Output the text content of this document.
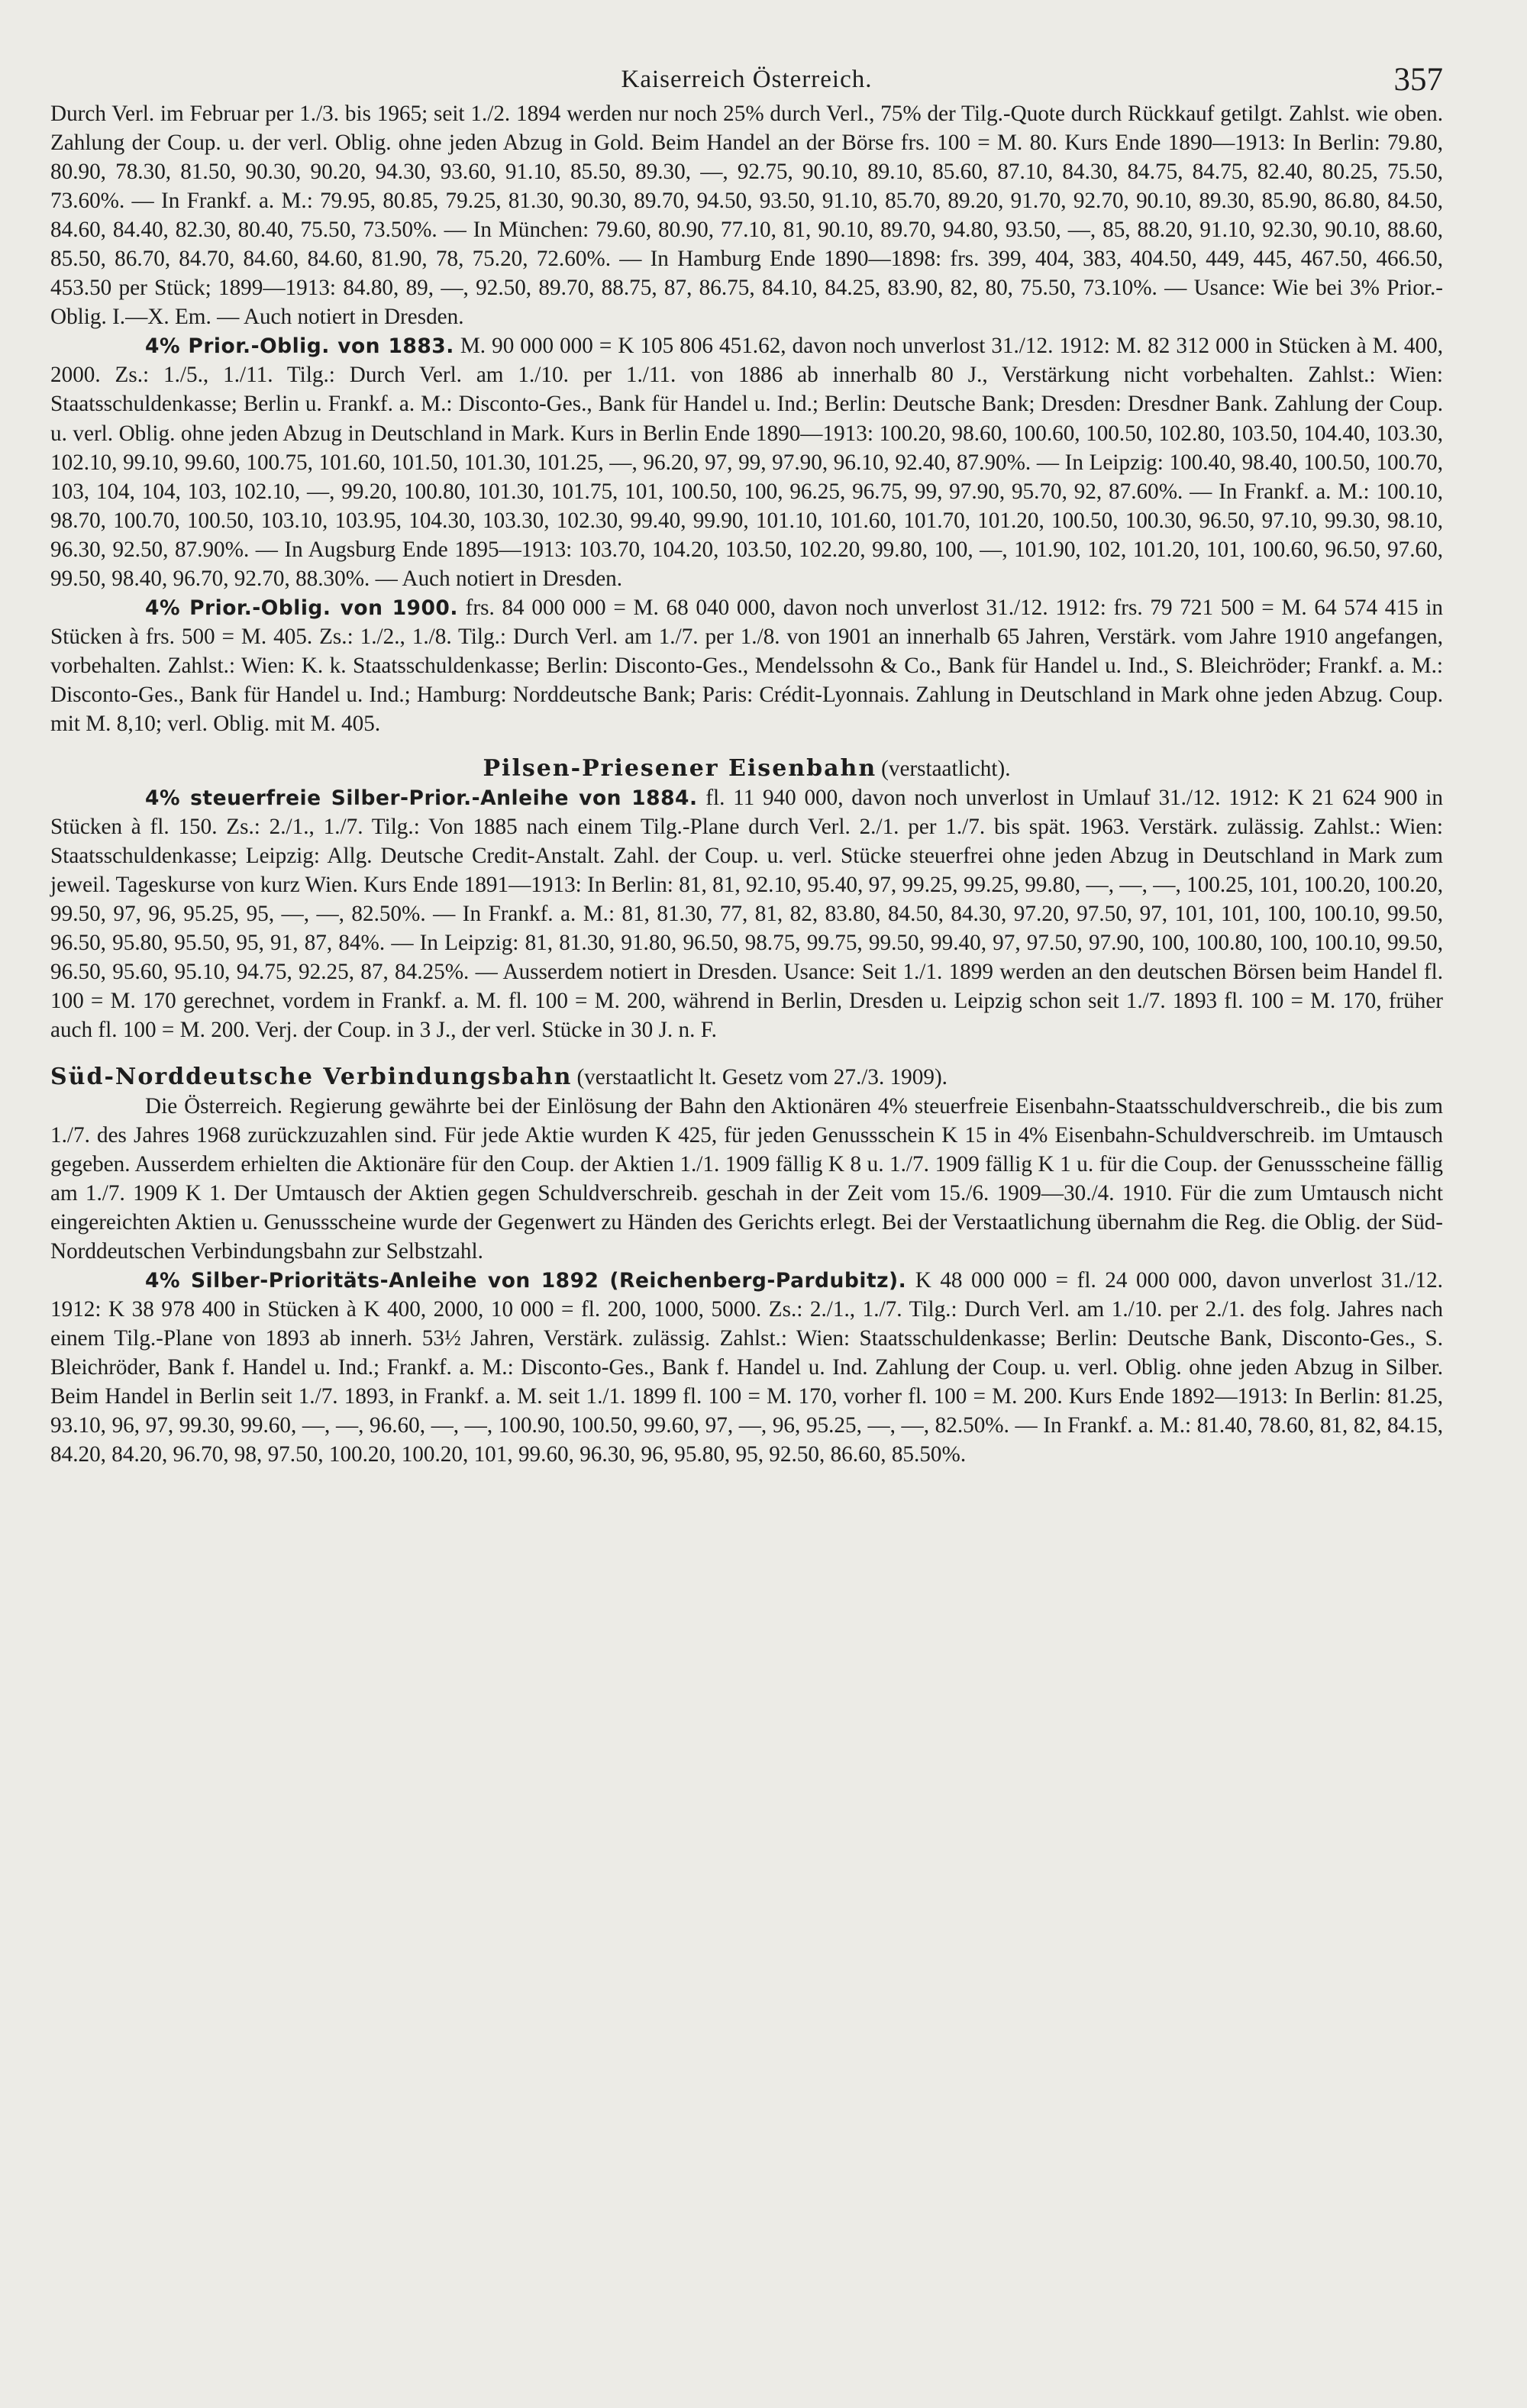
Kaiserreich Österreich.	357

Durch Verl. im Februar per 1./3. bis 1965; seit 1./2. 1894 werden nur noch 25% durch Verl., 75% der Tilg.-Quote durch Rückkauf getilgt. Zahlst. wie oben. Zahlung der Coup. u. der verl. Oblig. ohne jeden Abzug in Gold. Beim Handel an der Börse frs. 100 = M. 80. Kurs Ende 1890—1913: In Berlin: 79.80, 80.90, 78.30, 81.50, 90.30, 90.20, 94.30, 93.60, 91.10, 85.50, 89.30, —, 92.75, 90.10, 89.10, 85.60, 87.10, 84.30, 84.75, 84.75, 82.40, 80.25, 75.50, 73.60%. — In Frankf. a. M.: 79.95, 80.85, 79.25, 81.30, 90.30, 89.70, 94.50, 93.50, 91.10, 85.70, 89.20, 91.70, 92.70, 90.10, 89.30, 85.90, 86.80, 84.50, 84.60, 84.40, 82.30, 80.40, 75.50, 73.50%. — In München: 79.60, 80.90, 77.10, 81, 90.10, 89.70, 94.80, 93.50, —, 85, 88.20, 91.10, 92.30, 90.10, 88.60, 85.50, 86.70, 84.70, 84.60, 84.60, 81.90, 78, 75.20, 72.60%. — In Hamburg Ende 1890—1898: frs. 399, 404, 383, 404.50, 449, 445, 467.50, 466.50, 453.50 per Stück; 1899—1913: 84.80, 89, —, 92.50, 89.70, 88.75, 87, 86.75, 84.10, 84.25, 83.90, 82, 80, 75.50, 73.10%. — Usance: Wie bei 3% Prior.-Oblig. I.—X. Em. — Auch notiert in Dresden.

4% Prior.-Oblig. von 1883. M. 90 000 000 = K 105 806 451.62, davon noch unverlost 31./12. 1912: M. 82 312 000 in Stücken à M. 400, 2000. Zs.: 1./5., 1./11. Tilg.: Durch Verl. am 1./10. per 1./11. von 1886 ab innerhalb 80 J., Verstärkung nicht vorbehalten. Zahlst.: Wien: Staatsschuldenkasse; Berlin u. Frankf. a. M.: Disconto-Ges., Bank für Handel u. Ind.; Berlin: Deutsche Bank; Dresden: Dresdner Bank. Zahlung der Coup. u. verl. Oblig. ohne jeden Abzug in Deutschland in Mark. Kurs in Berlin Ende 1890—1913: 100.20, 98.60, 100.60, 100.50, 102.80, 103.50, 104.40, 103.30, 102.10, 99.10, 99.60, 100.75, 101.60, 101.50, 101.30, 101.25, —, 96.20, 97, 99, 97.90, 96.10, 92.40, 87.90%. — In Leipzig: 100.40, 98.40, 100.50, 100.70, 103, 104, 104, 103, 102.10, —, 99.20, 100.80, 101.30, 101.75, 101, 100.50, 100, 96.25, 96.75, 99, 97.90, 95.70, 92, 87.60%. — In Frankf. a. M.: 100.10, 98.70, 100.70, 100.50, 103.10, 103.95, 104.30, 103.30, 102.30, 99.40, 99.90, 101.10, 101.60, 101.70, 101.20, 100.50, 100.30, 96.50, 97.10, 99.30, 98.10, 96.30, 92.50, 87.90%. — In Augsburg Ende 1895—1913: 103.70, 104.20, 103.50, 102.20, 99.80, 100, —, 101.90, 102, 101.20, 101, 100.60, 96.50, 97.60, 99.50, 98.40, 96.70, 92.70, 88.30%. — Auch notiert in Dresden.

4% Prior.-Oblig. von 1900. frs. 84 000 000 = M. 68 040 000, davon noch unverlost 31./12. 1912: frs. 79 721 500 = M. 64 574 415 in Stücken à frs. 500 = M. 405. Zs.: 1./2., 1./8. Tilg.: Durch Verl. am 1./7. per 1./8. von 1901 an innerhalb 65 Jahren, Verstärk. vom Jahre 1910 angefangen, vorbehalten. Zahlst.: Wien: K. k. Staatsschuldenkasse; Berlin: Disconto-Ges., Mendelssohn & Co., Bank für Handel u. Ind., S. Bleichröder; Frankf. a. M.: Disconto-Ges., Bank für Handel u. Ind.; Hamburg: Norddeutsche Bank; Paris: Crédit-Lyonnais. Zahlung in Deutschland in Mark ohne jeden Abzug. Coup. mit M. 8,10; verl. Oblig. mit M. 405.

Pilsen-Priesener Eisenbahn (verstaatlicht).

4% steuerfreie Silber-Prior.-Anleihe von 1884. fl. 11 940 000, davon noch unverlost in Umlauf 31./12. 1912: K 21 624 900 in Stücken à fl. 150. Zs.: 2./1., 1./7. Tilg.: Von 1885 nach einem Tilg.-Plane durch Verl. 2./1. per 1./7. bis spät. 1963. Verstärk. zulässig. Zahlst.: Wien: Staatsschuldenkasse; Leipzig: Allg. Deutsche Credit-Anstalt. Zahl. der Coup. u. verl. Stücke steuerfrei ohne jeden Abzug in Deutschland in Mark zum jeweil. Tageskurse von kurz Wien. Kurs Ende 1891—1913: In Berlin: 81, 81, 92.10, 95.40, 97, 99.25, 99.25, 99.80, —, —, —, 100.25, 101, 100.20, 100.20, 99.50, 97, 96, 95.25, 95, —, —, 82.50%. — In Frankf. a. M.: 81, 81.30, 77, 81, 82, 83.80, 84.50, 84.30, 97.20, 97.50, 97, 101, 101, 100, 100.10, 99.50, 96.50, 95.80, 95.50, 95, 91, 87, 84%. — In Leipzig: 81, 81.30, 91.80, 96.50, 98.75, 99.75, 99.50, 99.40, 97, 97.50, 97.90, 100, 100.80, 100, 100.10, 99.50, 96.50, 95.60, 95.10, 94.75, 92.25, 87, 84.25%. — Ausserdem notiert in Dresden. Usance: Seit 1./1. 1899 werden an den deutschen Börsen beim Handel fl. 100 = M. 170 gerechnet, vordem in Frankf. a. M. fl. 100 = M. 200, während in Berlin, Dresden u. Leipzig schon seit 1./7. 1893 fl. 100 = M. 170, früher auch fl. 100 = M. 200. Verj. der Coup. in 3 J., der verl. Stücke in 30 J. n. F.

Süd-Norddeutsche Verbindungsbahn (verstaatlicht lt. Gesetz vom 27./3. 1909).

Die Österreich. Regierung gewährte bei der Einlösung der Bahn den Aktionären 4% steuerfreie Eisenbahn-Staatsschuldverschreib., die bis zum 1./7. des Jahres 1968 zurückzuzahlen sind. Für jede Aktie wurden K 425, für jeden Genussschein K 15 in 4% Eisenbahn-Schuldverschreib. im Umtausch gegeben. Ausserdem erhielten die Aktionäre für den Coup. der Aktien 1./1. 1909 fällig K 8 u. 1./7. 1909 fällig K 1 u. für die Coup. der Genussscheine fällig am 1./7. 1909 K 1. Der Umtausch der Aktien gegen Schuldverschreib. geschah in der Zeit vom 15./6. 1909—30./4. 1910. Für die zum Umtausch nicht eingereichten Aktien u. Genussscheine wurde der Gegenwert zu Händen des Gerichts erlegt. Bei der Verstaatlichung übernahm die Reg. die Oblig. der Süd-Norddeutschen Verbindungsbahn zur Selbstzahl.

4% Silber-Prioritäts-Anleihe von 1892 (Reichenberg-Pardubitz). K 48 000 000 = fl. 24 000 000, davon unverlost 31./12. 1912: K 38 978 400 in Stücken à K 400, 2000, 10 000 = fl. 200, 1000, 5000. Zs.: 2./1., 1./7. Tilg.: Durch Verl. am 1./10. per 2./1. des folg. Jahres nach einem Tilg.-Plane von 1893 ab innerh. 53½ Jahren, Verstärk. zulässig. Zahlst.: Wien: Staatsschuldenkasse; Berlin: Deutsche Bank, Disconto-Ges., S. Bleichröder, Bank f. Handel u. Ind.; Frankf. a. M.: Disconto-Ges., Bank f. Handel u. Ind. Zahlung der Coup. u. verl. Oblig. ohne jeden Abzug in Silber. Beim Handel in Berlin seit 1./7. 1893, in Frankf. a. M. seit 1./1. 1899 fl. 100 = M. 170, vorher fl. 100 = M. 200. Kurs Ende 1892—1913: In Berlin: 81.25, 93.10, 96, 97, 99.30, 99.60, —, —, 96.60, —, —, 100.90, 100.50, 99.60, 97, —, 96, 95.25, —, —, 82.50%. — In Frankf. a. M.: 81.40, 78.60, 81, 82, 84.15, 84.20, 84.20, 96.70, 98, 97.50, 100.20, 100.20, 101, 99.60, 96.30, 96, 95.80, 95, 92.50, 86.60, 85.50%.
